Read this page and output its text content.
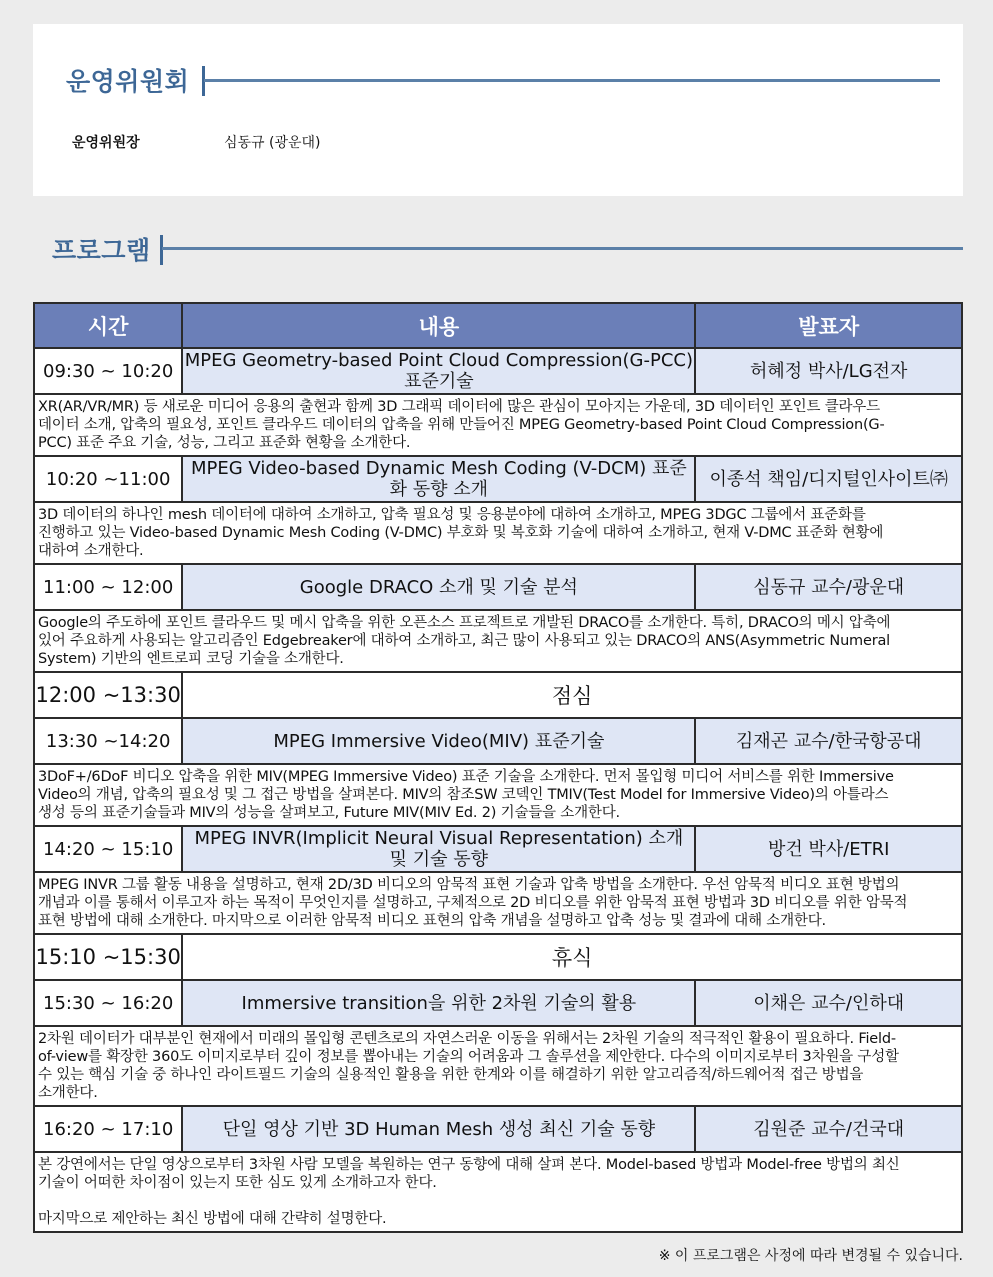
운영위원회
운영위원장	심동규 (광운대)
프로그램
시간	내용	발표자
09:30 ~ 10:20	MPEG Geometry-based Point Cloud Compression(G-PCC) 표준기술	허혜정 박사/LG전자

XR(AR/VR/MR) 등 새로운 미디어 응용의 출현과 함께 3D 그래픽 데이터에 많은 관심이 모아지는 가운데, 3D 데이터인 포인트 클라우드
데이터 소개, 압축의 필요성, 포인트 클라우드 데이터의 압축을 위해 만들어진 MPEG Geometry-based Point Cloud Compression(G-
PCC) 표준 주요 기술, 성능, 그리고 표준화 현황을 소개한다.		

10:20 ~11:00	MPEG Video-based Dynamic Mesh Coding (V-DCM) 표준화 동향 소개	이종석 책임/디지털인사이트㈜

3D 데이터의 하나인 mesh 데이터에 대하여 소개하고, 압축 필요성 및 응용분야에 대하여 소개하고, MPEG 3DGC 그룹에서 표준화를
진행하고 있는 Video-based Dynamic Mesh Coding (V-DMC) 부호화 및 복호화 기술에 대하여 소개하고, 현재 V-DMC 표준화 현황에
대하여 소개한다.		

11:00 ~ 12:00	Google DRACO 소개 및 기술 분석	심동규 교수/광운대

Google의 주도하에 포인트 클라우드 및 메시 압축을 위한 오픈소스 프로젝트로 개발된 DRACO를 소개한다. 특히, DRACO의 메시 압축에
있어 주요하게 사용되는 알고리즘인 Edgebreaker에 대하여 소개하고, 최근 많이 사용되고 있는 DRACO의 ANS(Asymmetric Numeral
System) 기반의 엔트로피 코딩 기술을 소개한다.		

12:00 ~13:30	점심	
13:30 ~14:20	MPEG Immersive Video(MIV) 표준기술	김재곤 교수/한국항공대

3DoF+/6DoF 비디오 압축을 위한 MIV(MPEG Immersive Video) 표준 기술을 소개한다. 먼저 몰입형 미디어 서비스를 위한 Immersive
Video의 개념, 압축의 필요성 및 그 접근 방법을 살펴본다. MIV의 참조SW 코덱인 TMIV(Test Model for Immersive Video)의 아틀라스
생성 등의 표준기술들과 MIV의 성능을 살펴보고, Future MIV(MIV Ed. 2) 기술들을 소개한다.		

14:20 ~ 15:10	MPEG INVR(Implicit Neural Visual Representation) 소개 및 기술 동향	방건 박사/ETRI

MPEG INVR 그룹 활동 내용을 설명하고, 현재 2D/3D 비디오의 암묵적 표현 기술과 압축 방법을 소개한다. 우선 암묵적 비디오 표현 방법의
개념과 이를 통해서 이루고자 하는 목적이 무엇인지를 설명하고, 구체적으로 2D 비디오를 위한 암묵적 표현 방법과 3D 비디오를 위한 암묵적
표현 방법에 대해 소개한다. 마지막으로 이러한 암묵적 비디오 표현의 압축 개념을 설명하고 압축 성능 및 결과에 대해 소개한다.		

15:10 ~15:30	휴식	
15:30 ~ 16:20	Immersive transition을 위한 2차원 기술의 활용	이채은 교수/인하대

2차원 데이터가 대부분인 현재에서 미래의 몰입형 콘텐츠로의 자연스러운 이동을 위해서는 2차원 기술의 적극적인 활용이 필요하다. Field-
of-view를 확장한 360도 이미지로부터 깊이 정보를 뽑아내는 기술의 어려움과 그 솔루션을 제안한다. 다수의 이미지로부터 3차원을 구성할
수 있는 핵심 기술 중 하나인 라이트필드 기술의 실용적인 활용을 위한 한계와 이를 해결하기 위한 알고리즘적/하드웨어적 접근 방법을
소개한다.		

16:20 ~ 17:10	단일 영상 기반 3D Human Mesh 생성 최신 기술 동향	김원준 교수/건국대

본 강연에서는 단일 영상으로부터 3차원 사람 모델을 복원하는 연구 동향에 대해 살펴 본다. Model-based 방법과 Model-free 방법의 최신
기술이 어떠한 차이점이 있는지 또한 심도 있게 소개하고자 한다.
마지막으로 제안하는 최신 방법에 대해 간략히 설명한다.		
※ 이 프로그램은 사정에 따라 변경될 수 있습니다.
